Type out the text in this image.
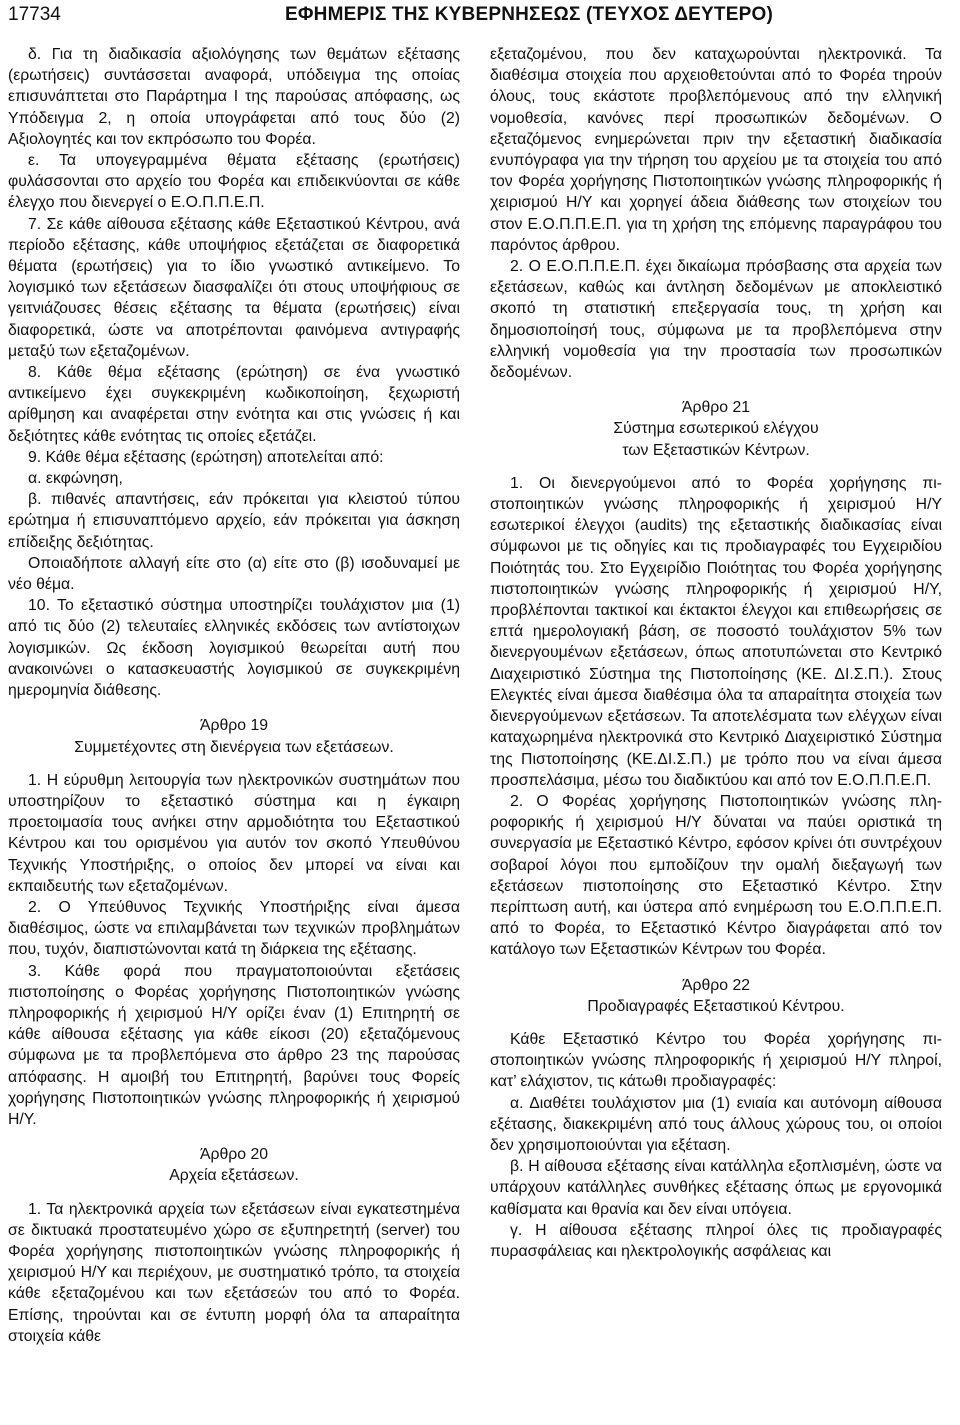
17734	ΕΦΗΜΕΡΙΣ ΤΗΣ ΚΥΒΕΡΝΗΣΕΩΣ (ΤΕΥΧΟΣ ΔΕΥΤΕΡΟ)

δ. Για τη διαδικασία αξιολόγησης των θεμάτων εξέτασης (ερωτήσεις) συντάσσεται αναφορά, υπόδειγμα της οποίας επισυνάπτεται στο Παράρτημα Ι της παρούσας απόφασης, ως Υπόδειγμα 2, η οποία υπογράφεται από τους δύο (2) Αξιολογητές και τον εκπρόσωπο του Φορέα.

ε. Τα υπογεγραμμένα θέματα εξέτασης (ερωτήσεις) φυλάσσονται στο αρχείο του Φορέα και επιδεικνύονται σε κάθε έλεγχο που διενεργεί ο Ε.Ο.Π.Π.Ε.Π.

7. Σε κάθε αίθουσα εξέτασης κάθε Εξεταστικού Κέντρου, ανά περίοδο εξέτασης, κάθε υποψήφιος εξετάζεται σε διαφορετικά θέματα (ερωτήσεις) για το ίδιο γνωστικό αντικείμενο. Το λογισμικό των εξετάσεων διασφαλίζει ότι στους υποψήφιους σε γειτνιάζουσες θέσεις εξέτασης τα θέματα (ερωτήσεις) είναι διαφορετικά, ώστε να αποτρέπονται φαινόμενα αντιγραφής μεταξύ των εξεταζομένων.

8. Κάθε θέμα εξέτασης (ερώτηση) σε ένα γνωστικό αντικείμενο έχει συγκεκριμένη κωδικοποίηση, ξεχωριστή αρίθμηση και αναφέρεται στην ενότητα και στις γνώσεις ή και δεξιότητες κάθε ενότητας τις οποίες εξετάζει.

9. Κάθε θέμα εξέτασης (ερώτηση) αποτελείται από:

α. εκφώνηση,

β. πιθανές απαντήσεις, εάν πρόκειται για κλειστού τύπου ερώτημα ή επισυναπτόμενο αρχείο, εάν πρόκειται για άσκηση επίδειξης δεξιότητας.

Οποιαδήποτε αλλαγή είτε στο (α) είτε στο (β) ισοδυναμεί με νέο θέμα.

10. Το εξεταστικό σύστημα υποστηρίζει τουλάχιστον μια (1) από τις δύο (2) τελευταίες ελληνικές εκδόσεις των αντίστοιχων λογισμικών. Ως έκδοση λογισμικού θεωρείται αυτή που ανακοινώνει ο κατασκευαστής λογισμικού σε συγκεκριμένη ημερομηνία διάθεσης.

Άρθρο 19
Συμμετέχοντες στη διενέργεια των εξετάσεων.

1. Η εύρυθμη λειτουργία των ηλεκτρονικών συστημάτων που υποστηρίζουν το εξεταστικό σύστημα και η έγκαιρη προετοιμασία τους ανήκει στην αρμοδιότητα του Εξεταστικού Κέντρου και του ορισμένου για αυτόν τον σκοπό Υπευθύνου Τεχνικής Υποστήριξης, ο οποίος δεν μπορεί να είναι και εκπαιδευτής των εξεταζομένων.

2. Ο Υπεύθυνος Τεχνικής Υποστήριξης είναι άμεσα διαθέσιμος, ώστε να επιλαμβάνεται των τεχνικών προβλημάτων που, τυχόν, διαπιστώνονται κατά τη διάρκεια της εξέτασης.

3. Κάθε φορά που πραγματοποιούνται εξετάσεις πιστοποίησης ο Φορέας χορήγησης Πιστοποιητικών γνώσης πληροφορικής ή χειρισμού Η/Υ ορίζει έναν (1) Επιτηρητή σε κάθε αίθουσα εξέτασης για κάθε είκοσι (20) εξεταζόμενους σύμφωνα με τα προβλεπόμενα στο άρθρο 23 της παρούσας απόφασης. Η αμοιβή του Επιτηρητή, βαρύνει τους Φορείς χορήγησης Πιστοποιητικών γνώσης πληροφορικής ή χειρισμού Η/Υ.

Άρθρο 20
Αρχεία εξετάσεων.

1. Τα ηλεκτρονικά αρχεία των εξετάσεων είναι εγκατεστημένα σε δικτυακά προστατευμένο χώρο σε εξυπηρετητή (server) του Φορέα χορήγησης πιστοποιητικών γνώσης πληροφορικής ή χειρισμού Η/Υ και περιέχουν, με συστηματικό τρόπο, τα στοιχεία κάθε εξεταζομένου και των εξετάσεών του από το Φορέα. Επίσης, τηρούνται και σε έντυπη μορφή όλα τα απαραίτητα στοιχεία κάθε

εξεταζομένου, που δεν καταχωρούνται ηλεκτρονικά. Τα διαθέσιμα στοιχεία που αρχειοθετούνται από το Φορέα τηρούν όλους, τους εκάστοτε προβλεπόμενους από την ελληνική νομοθεσία, κανόνες περί προσωπικών δεδομένων. Ο εξεταζόμενος ενημερώνεται πριν την εξεταστική διαδικασία ενυπόγραφα για την τήρηση του αρχείου με τα στοιχεία του από τον Φορέα χορήγησης Πιστοποιητικών γνώσης πληροφορικής ή χειρισμού Η/Υ και χορηγεί άδεια διάθεσης των στοιχείων του στον Ε.Ο.Π.Π.Ε.Π. για τη χρήση της επόμενης παραγράφου του παρόντος άρθρου.

2. Ο Ε.Ο.Π.Π.Ε.Π. έχει δικαίωμα πρόσβασης στα αρχεία των εξετάσεων, καθώς και άντληση δεδομένων με αποκλειστικό σκοπό τη στατιστική επεξεργασία τους, τη χρήση και δημοσιοποίησή τους, σύμφωνα με τα προβλεπόμενα στην ελληνική νομοθεσία για την προστασία των προσωπικών δεδομένων.

Άρθρο 21
Σύστημα εσωτερικού ελέγχου
των Εξεταστικών Κέντρων.

1. Οι διενεργούμενοι από το Φορέα χορήγησης πιστοποιητικών γνώσης πληροφορικής ή χειρισμού Η/Υ εσωτερικοί έλεγχοι (audits) της εξεταστικής διαδικασίας είναι σύμφωνοι με τις οδηγίες και τις προδιαγραφές του Εγχειριδίου Ποιότητάς του. Στο Εγχειρίδιο Ποιότητας του Φορέα χορήγησης πιστοποιητικών γνώσης πληροφορικής ή χειρισμού Η/Υ, προβλέπονται τακτικοί και έκτακτοι έλεγχοι και επιθεωρήσεις σε επτά ημερολογιακή βάση, σε ποσοστό τουλάχιστον 5% των διενεργουμένων εξετάσεων, όπως αποτυπώνεται στο Κεντρικό Διαχειριστικό Σύστημα της Πιστοποίησης (ΚΕ. ΔΙ.Σ.Π.). Στους Ελεγκτές είναι άμεσα διαθέσιμα όλα τα απαραίτητα στοιχεία των διενεργούμενων εξετάσεων. Τα αποτελέσματα των ελέγχων είναι καταχωρημένα ηλεκτρονικά στο Κεντρικό Διαχειριστικό Σύστημα της Πιστοποίησης (ΚΕ.ΔΙ.Σ.Π.) με τρόπο που να είναι άμεσα προσπελάσιμα, μέσω του διαδικτύου και από τον Ε.Ο.Π.Π.Ε.Π.

2. Ο Φορέας χορήγησης Πιστοποιητικών γνώσης πληροφορικής ή χειρισμού Η/Υ δύναται να παύει οριστικά τη συνεργασία με Εξεταστικό Κέντρο, εφόσον κρίνει ότι συντρέχουν σοβαροί λόγοι που εμποδίζουν την ομαλή διεξαγωγή των εξετάσεων πιστοποίησης στο Εξεταστικό Κέντρο. Στην περίπτωση αυτή, και ύστερα από ενημέρωση του Ε.Ο.Π.Π.Ε.Π. από το Φορέα, το Εξεταστικό Κέντρο διαγράφεται από τον κατάλογο των Εξεταστικών Κέντρων του Φορέα.

Άρθρο 22
Προδιαγραφές Εξεταστικού Κέντρου.

Κάθε Εξεταστικό Κέντρο του Φορέα χορήγησης πιστοποιητικών γνώσης πληροφορικής ή χειρισμού Η/Υ πληροί, κατ’ ελάχιστον, τις κάτωθι προδιαγραφές:

α. Διαθέτει τουλάχιστον μια (1) ενιαία και αυτόνομη αίθουσα εξέτασης, διακεκριμένη από τους άλλους χώρους του, οι οποίοι δεν χρησιμοποιούνται για εξέταση.

β. Η αίθουσα εξέτασης είναι κατάλληλα εξοπλισμένη, ώστε να υπάρχουν κατάλληλες συνθήκες εξέτασης όπως με εργονομικά καθίσματα και θρανία και δεν είναι υπόγεια.

γ. Η αίθουσα εξέτασης πληροί όλες τις προδιαγραφές πυρασφάλειας και ηλεκτρολογικής ασφάλειας και
